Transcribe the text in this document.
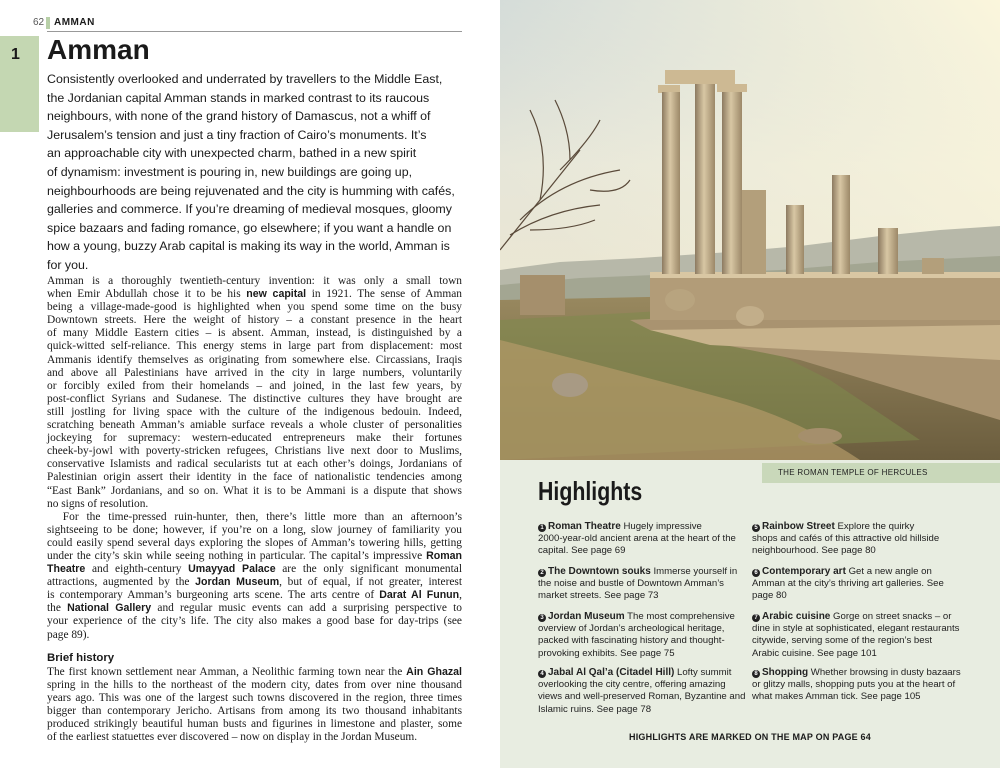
62 AMMAN
1 Amman
Consistently overlooked and underrated by travellers to the Middle East,
the Jordanian capital Amman stands in marked contrast to its raucous
neighbours, with none of the grand history of Damascus, not a whiff of
Jerusalem’s tension and just a tiny fraction of Cairo’s monuments. It’s
an approachable city with unexpected charm, bathed in a new spirit
of dynamism: investment is pouring in, new buildings are going up,
neighbourhoods are being rejuvenated and the city is humming with cafés,
galleries and commerce. If you’re dreaming of medieval mosques, gloomy
spice bazaars and fading romance, go elsewhere; if you want a handle on
how a young, buzzy Arab capital is making its way in the world, Amman is
for you.
Amman is a thoroughly twentieth-century invention: it was only a small town
when Emir Abdullah chose it to be his new capital in 1921. The sense of Amman
being a village-made-good is highlighted when you spend some time on the busy
Downtown streets. Here the weight of history – a constant presence in the heart
of many Middle Eastern cities – is absent. Amman, instead, is distinguished by a
quick-witted self-reliance. This energy stems in large part from displacement: most
Ammanis identify themselves as originating from somewhere else. Circassians, Iraqis
and above all Palestinians have arrived in the city in large numbers, voluntarily
or forcibly exiled from their homelands – and joined, in the last few years, by
post-conflict Syrians and Sudanese. The distinctive cultures they have brought are
still jostling for living space with the culture of the indigenous bedouin. Indeed,
scratching beneath Amman’s amiable surface reveals a whole cluster of personalities
jockeying for supremacy: western-educated entrepreneurs make their fortunes
cheek-by-jowl with poverty-stricken refugees, Christians live next door to Muslims,
conservative Islamists and radical secularists tut at each other’s doings, Jordanians of
Palestinian origin assert their identity in the face of nationalistic tendencies among
“East Bank” Jordanians, and so on. What it is to be Ammani is a dispute that shows
no signs of resolution.
For the time-pressed ruin-hunter, then, there’s little more than an afternoon’s
sightseeing to be done; however, if you’re on a long, slow journey of familiarity you
could easily spend several days exploring the slopes of Amman’s towering hills, getting
under the city’s skin while seeing nothing in particular. The capital’s impressive Roman
Theatre and eighth-century Umayyad Palace are the only significant monumental
attractions, augmented by the Jordan Museum, but of equal, if not greater, interest
is contemporary Amman’s burgeoning arts scene. The arts centre of Darat Al Funun,
the National Gallery and regular music events can add a surprising perspective to
your experience of the city’s life. The city also makes a good base for day-trips (see
page 89).
Brief history
The first known settlement near Amman, a Neolithic farming town near the Ain Ghazal
spring in the hills to the northeast of the modern city, dates from over nine thousand
years ago. This was one of the largest such towns discovered in the region, three times
bigger than contemporary Jericho. Artisans from among its two thousand inhabitants
produced strikingly beautiful human busts and figurines in limestone and plaster, some
of the earliest statuettes ever discovered – now on display in the Jordan Museum.
THE ROMAN TEMPLE OF HERCULES
Highlights
1 Roman Theatre Hugely impressive
2000-year-old ancient arena at the heart of the
capital. See page 69
2 The Downtown souks Immerse yourself in
the noise and bustle of Downtown Amman’s
market streets. See page 73
3 Jordan Museum The most comprehensive
overview of Jordan’s archeological heritage,
packed with fascinating history and thought-
provoking exhibits. See page 75
4 Jabal Al Qal’a (Citadel Hill) Lofty summit
overlooking the city centre, offering amazing
views and well-preserved Roman, Byzantine and
Islamic ruins. See page 78
5 Rainbow Street Explore the quirky
shops and cafés of this attractive old hillside
neighbourhood. See page 80
6 Contemporary art Get a new angle on
Amman at the city’s thriving art galleries. See
page 80
7 Arabic cuisine Gorge on street snacks – or
dine in style at sophisticated, elegant restaurants
citywide, serving some of the region’s best
Arabic cuisine. See page 101
8 Shopping Whether browsing in dusty bazaars
or glitzy malls, shopping puts you at the heart of
what makes Amman tick. See page 105
HIGHLIGHTS ARE MARKED ON THE MAP ON PAGE 64
